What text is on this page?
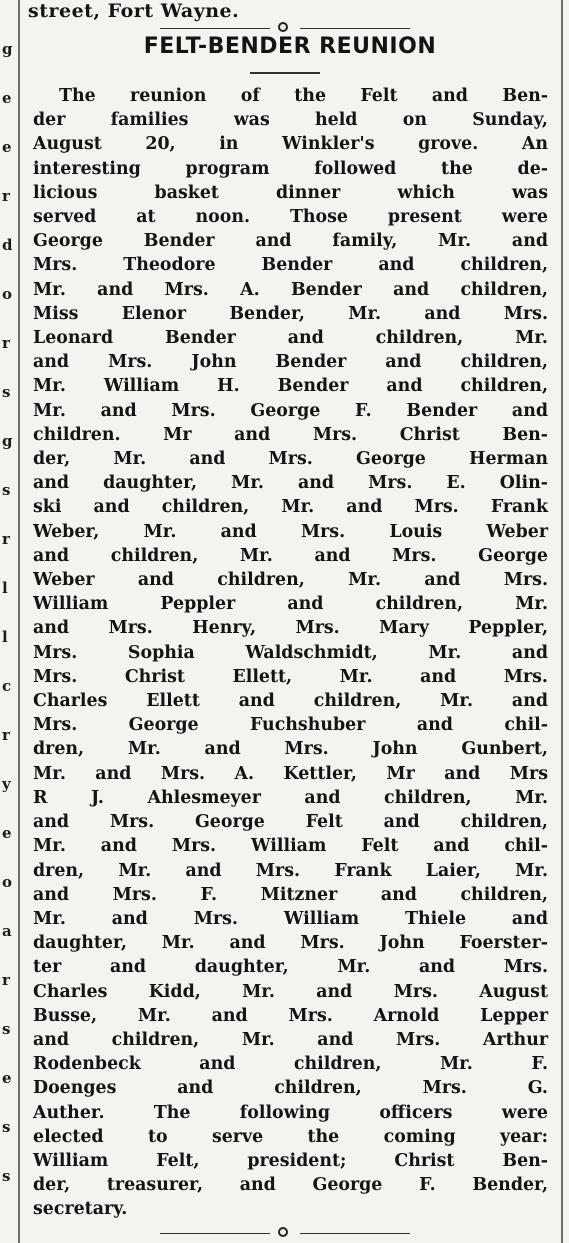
g
e
e
r
d
o
r
s
g
s
r
l
l
c
r
y
e
o
a
r
s
e
s
s
street, Fort Wayne.
FELT-BENDER REUNION
The reunion of the Felt and Ben-
der families was held on Sunday,
August 20, in Winkler's grove. An
interesting program followed the de-
licious basket dinner which was
served at noon. Those present were
George Bender and family, Mr. and
Mrs. Theodore Bender and children,
Mr. and Mrs. A. Bender and children,
Miss Elenor Bender, Mr. and Mrs.
Leonard Bender and children, Mr.
and Mrs. John Bender and children,
Mr. William H. Bender and children,
Mr. and Mrs. George F. Bender and
children. Mr and Mrs. Christ Ben-
der, Mr. and Mrs. George Herman
and daughter, Mr. and Mrs. E. Olin-
ski and children, Mr. and Mrs. Frank
Weber, Mr. and Mrs. Louis Weber
and children, Mr. and Mrs. George
Weber and children, Mr. and Mrs.
William Peppler and children, Mr.
and Mrs. Henry, Mrs. Mary Peppler,
Mrs. Sophia Waldschmidt, Mr. and
Mrs. Christ Ellett, Mr. and Mrs.
Charles Ellett and children, Mr. and
Mrs. George Fuchshuber and chil-
dren, Mr. and Mrs. John Gunbert,
Mr. and Mrs. A. Kettler, Mr and Mrs
R J. Ahlesmeyer and children, Mr.
and Mrs. George Felt and children,
Mr. and Mrs. William Felt and chil-
dren, Mr. and Mrs. Frank Laier, Mr.
and Mrs. F. Mitzner and children,
Mr. and Mrs. William Thiele and
daughter, Mr. and Mrs. John Foerster-
ter and daughter, Mr. and Mrs.
Charles Kidd, Mr. and Mrs. August
Busse, Mr. and Mrs. Arnold Lepper
and children, Mr. and Mrs. Arthur
Rodenbeck and children, Mr. F.
Doenges and children, Mrs. G.
Auther. The following officers were
elected to serve the coming year:
William Felt, president; Christ Ben-
der, treasurer, and George F. Bender,
secretary.
